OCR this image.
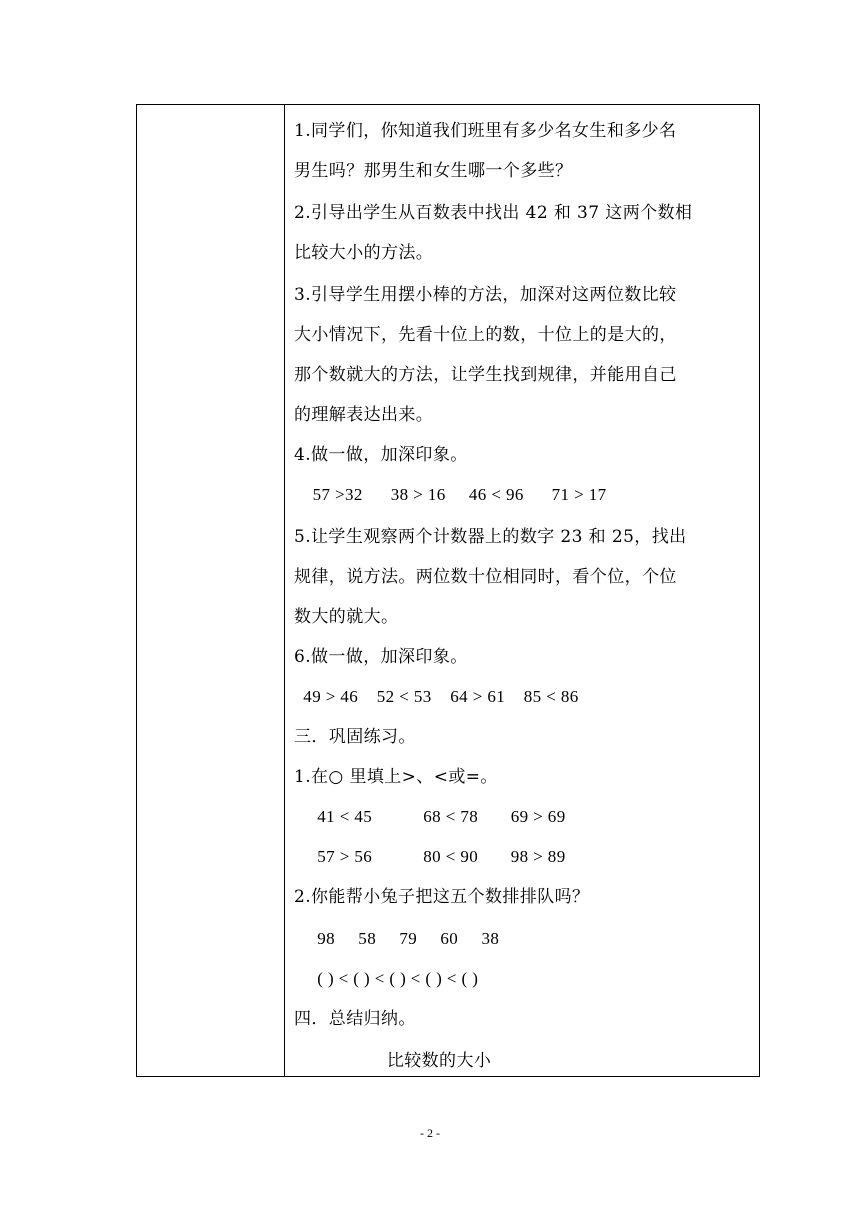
1.同学们，你知道我们班里有多少名女生和多少名
男生吗？那男生和女生哪一个多些？
2.引导出学生从百数表中找出 42 和 37 这两个数相
比较大小的方法。
3.引导学生用摆小棒的方法，加深对这两位数比较
大小情况下，先看十位上的数，十位上的是大的，
那个数就大的方法，让学生找到规律，并能用自己
的理解表达出来。
4.做一做，加深印象。
57 >32      38 > 16     46 < 96      71 > 17
5.让学生观察两个计数器上的数字 23 和 25，找出
规律，说方法。两位数十位相同时，看个位，个位
数大的就大。
6.做一做，加深印象。
49 > 46    52 < 53    64 > 61    85 < 86
三．巩固练习。
1.在○ 里填上>、<或=。
41 < 45           68 < 78       69 > 69
57 > 56           80 < 90       98 > 89
2.你能帮小兔子把这五个数排排队吗？
98     58     79     60     38
( ) < ( ) < ( ) < ( ) < ( )
四．总结归纳。
比较数的大小
- 2 -
